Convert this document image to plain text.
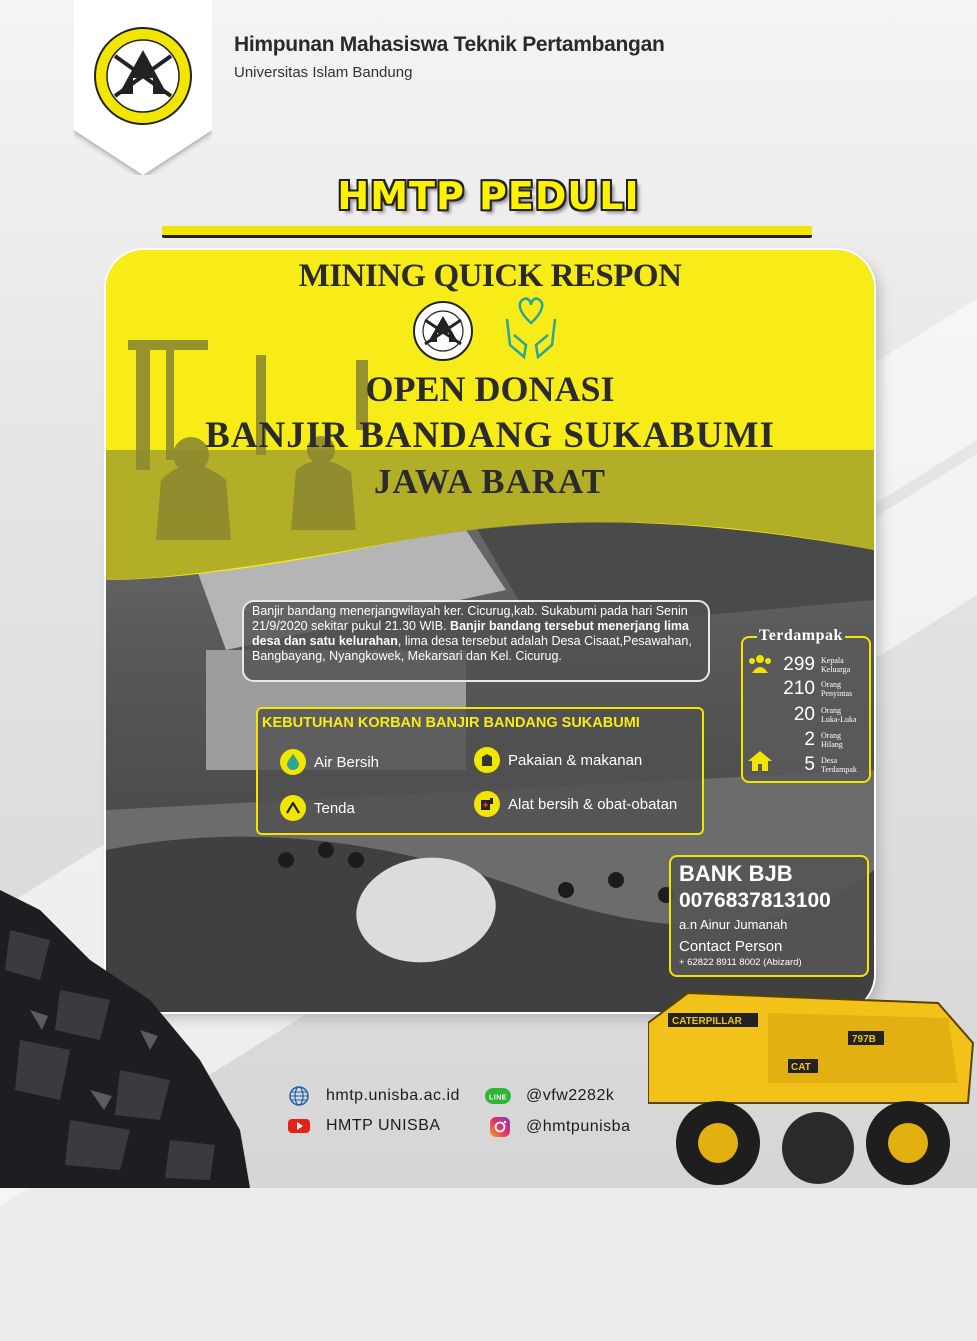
Himpunan Mahasiswa Teknik Pertambangan
Universitas Islam Bandung
HMTP PEDULI
MINING QUICK RESPON
OPEN DONASI
BANJIR BANDANG SUKABUMI
JAWA BARAT
Banjir bandang menerjangwilayah ker. Cicurug,kab. Sukabumi pada hari Senin 21/9/2020 sekitar pukul 21.30 WIB. Banjir bandang tersebut menerjang lima desa dan satu kelurahan, lima desa tersebut adalah Desa Cisaat,Pesawahan, Bangbayang, Nyangkowek, Mekarsari dan Kel. Cicurug.
KEBUTUHAN KORBAN BANJIR BANDANG SUKABUMI
Air Bersih	Pakaian & makanan
Tenda	Alat bersih & obat-obatan
Terdampak
299 Kepala
Keluarga
210 Orang
Penyintas
20 Orang
Luka-Luka
2 Orang
Hilang
5 Desa
Terdampak
BANK BJB
0076837813100
a.n Ainur Jumanah
Contact Person
+ 62822 8911 8002 (Abizard)
CATERPILLAR
797B
CAT
hmtp.unisba.ac.id
HMTP UNISBA
LINE @vfw2282k
@hmtpunisba
